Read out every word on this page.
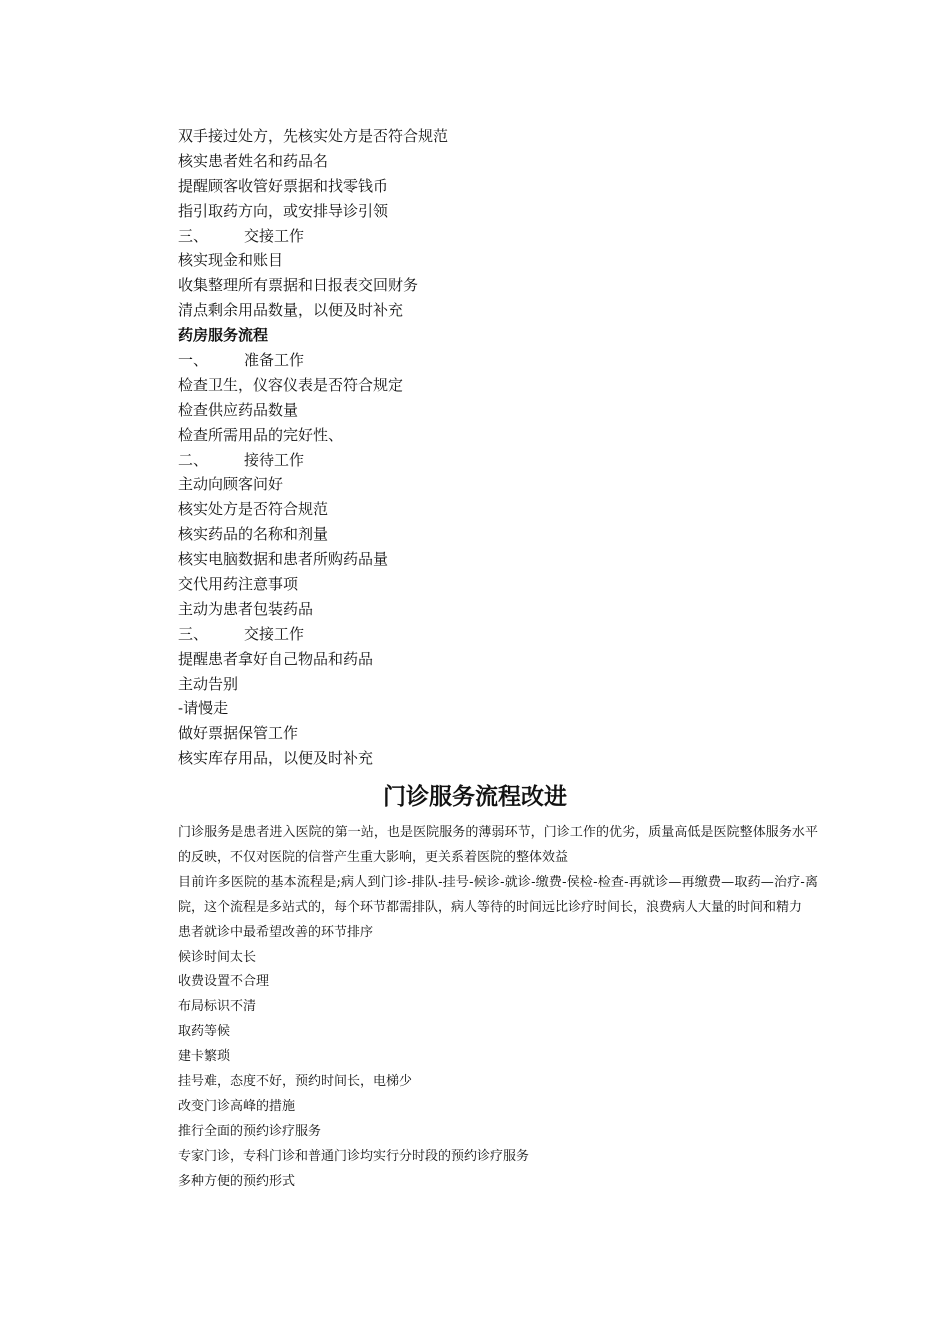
双手接过处方，先核实处方是否符合规范
核实患者姓名和药品名
提醒顾客收管好票据和找零钱币
指引取药方向，或安排导诊引领
三、 交接工作
核实现金和账目
收集整理所有票据和日报表交回财务
清点剩余用品数量，以便及时补充
药房服务流程
一、 准备工作
检查卫生，仪容仪表是否符合规定
检查供应药品数量
检查所需用品的完好性、
二、 接待工作
主动向顾客问好
核实处方是否符合规范
核实药品的名称和剂量
核实电脑数据和患者所购药品量
交代用药注意事项
主动为患者包装药品
三、 交接工作
提醒患者拿好自己物品和药品
主动告别
-请慢走
做好票据保管工作
核实库存用品，以便及时补充
门诊服务流程改进
门诊服务是患者进入医院的第一站，也是医院服务的薄弱环节，门诊工作的优劣，质量高低是医院整体服务水平的反映，不仅对医院的信誉产生重大影响，更关系着医院的整体效益
目前许多医院的基本流程是;病人到门诊-排队-挂号-候诊-就诊-缴费-侯检-检查-再就诊—再缴费—取药—治疗-离院，这个流程是多站式的，每个环节都需排队，病人等待的时间远比诊疗时间长，浪费病人大量的时间和精力
患者就诊中最希望改善的环节排序
候诊时间太长
收费设置不合理
布局标识不清
取药等候
建卡繁琐
挂号难，态度不好，预约时间长，电梯少
改变门诊高峰的措施
推行全面的预约诊疗服务
专家门诊，专科门诊和普通门诊均实行分时段的预约诊疗服务
多种方便的预约形式
